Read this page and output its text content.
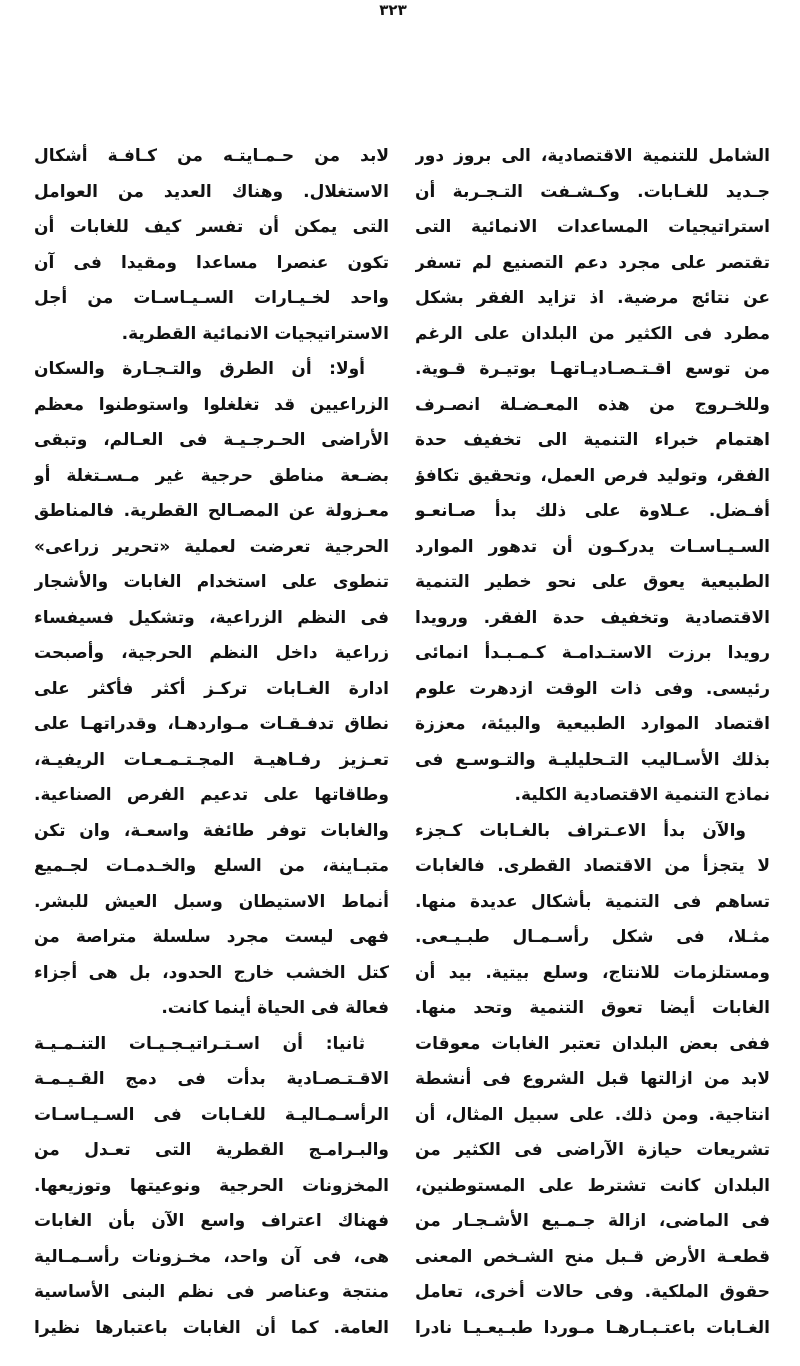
٣٢٣
الشامل للتنمية الاقتصادية، الى بروز دور
جـديد للغـابات. وكـشـفت التـجـربة أن
استراتيجيات المساعدات الانمائية التى
تقتصر على مجرد دعم التصنيع لم تسفر
عن نتائج مرضية. اذ تزايد الفقر بشكل
مطرد فى الكثير من البلدان على الرغم
من توسع اقـتـصـاديـاتهـا بوتيـرة قـوية.
وللخـروج من هذه المعـضـلة انصـرف
اهتمام خبراء التنمية الى تخفيف حدة
الفقر، وتوليد فرص العمل، وتحقيق تكافؤ
أفـضل. عـلاوة على ذلك بدأ صـانعـو
السـيـاسـات يدركـون أن تدهور الموارد
الطبيعية يعوق على نحو خطير التنمية
الاقتصادية وتخفيف حدة الفقر. ورويدا
رويدا برزت الاستـدامـة كـمـبـدأ انمائى
رئيسى. وفى ذات الوقت ازدهرت علوم
اقتصاد الموارد الطبيعية والبيئة، معززة
بذلك الأسـاليب التـحليليـة والتـوسـع فى
نماذج التنمية الاقتصادية الكلية.
والآن بدأ الاعـتراف بالغـابات كـجزء
لا يتجزأ من الاقتصاد القطرى. فالغابات
تساهم فى التنمية بأشكال عديدة منها.
مثـلا، فى شكل رأسـمـال طبـيـعى.
ومستلزمات للانتاج، وسلع بيتية. بيد أن
الغابات أيضا تعوق التنمية وتحد منها.
ففى بعض البلدان تعتبر الغابات معوقات
لابد من ازالتها قبل الشروع فى أنشطة
انتاجية. ومن ذلك. على سبيل المثال، أن
تشريعات حيازة الآراضى فى الكثير من
البلدان كانت تشترط على المستوطنين،
فى الماضى، ازالة جـمـيع الأشـجـار من
قطعـة الأرض قـبل منح الشـخص المعنى
حقوق الملكية. وفى حالات أخرى، تعامل
الغـابات باعتـبـارهـا مـوردا طبـيعـيـا نادرا
لابد من حـمـايتـه من كـافـة أشكال
الاستغلال. وهناك العديد من العوامل
التى يمكن أن تفسر كيف للغابات أن
تكون عنصرا مساعدا ومقيدا فى آن
واحد لخـيـارات السـيـاسـات من أجل
الاستراتيجيات الانمائية القطرية.
أولا: أن الطرق والتـجـارة والسكان
الزراعيين قد تغلغلوا واستوطنوا معظم
الأراضى الحـرجـيـة فى العـالم، وتبقى
بضـعة مناطق حرجية غير مـسـتغلة أو
معـزولة عن المصـالح القطرية. فالمناطق
الحرجية تعرضت لعملية «تحرير زراعى»
تنطوى على استخدام الغابات والأشجار
فى النظم الزراعية، وتشكيل فسيفساء
زراعية داخل النظم الحرجية، وأصبحت
ادارة الغـابات تركـز أكثر فأكثر على
نطاق تدفـقـات مـواردهـا، وقدراتهـا على
تعـزيز رفـاهيـة المجـتـمـعـات الريفيـة،
وطاقاتها على تدعيم الفرص الصناعية.
والغابات توفر طائفة واسعـة، وان تكن
متبـاينة، من السلع والخـدمـات لجـميع
أنماط الاستيطان وسبل العيش للبشر.
فهى ليست مجرد سلسلة متراصة من
كتل الخشب خارج الحدود، بل هى أجزاء
فعالة فى الحياة أينما كانت.
ثانيا: أن اسـتـراتيـجـيـات التنـمـيـة
الاقـتـصـادية بدأت فى دمج القـيـمـة
الرأسـمـاليـة للغـابات فى السـيـاسـات
والبـرامـج القطرية التى تعـدل من
المخزونات الحرجية ونوعيتها وتوزيعها.
فهناك اعتراف واسع الآن بأن الغابات
هى، فى آن واحد، مخـزونات رأسـمـالية
منتجة وعناصر فى نظم البنى الأساسية
العامة. كما أن الغابات باعتبارها نظيرا
